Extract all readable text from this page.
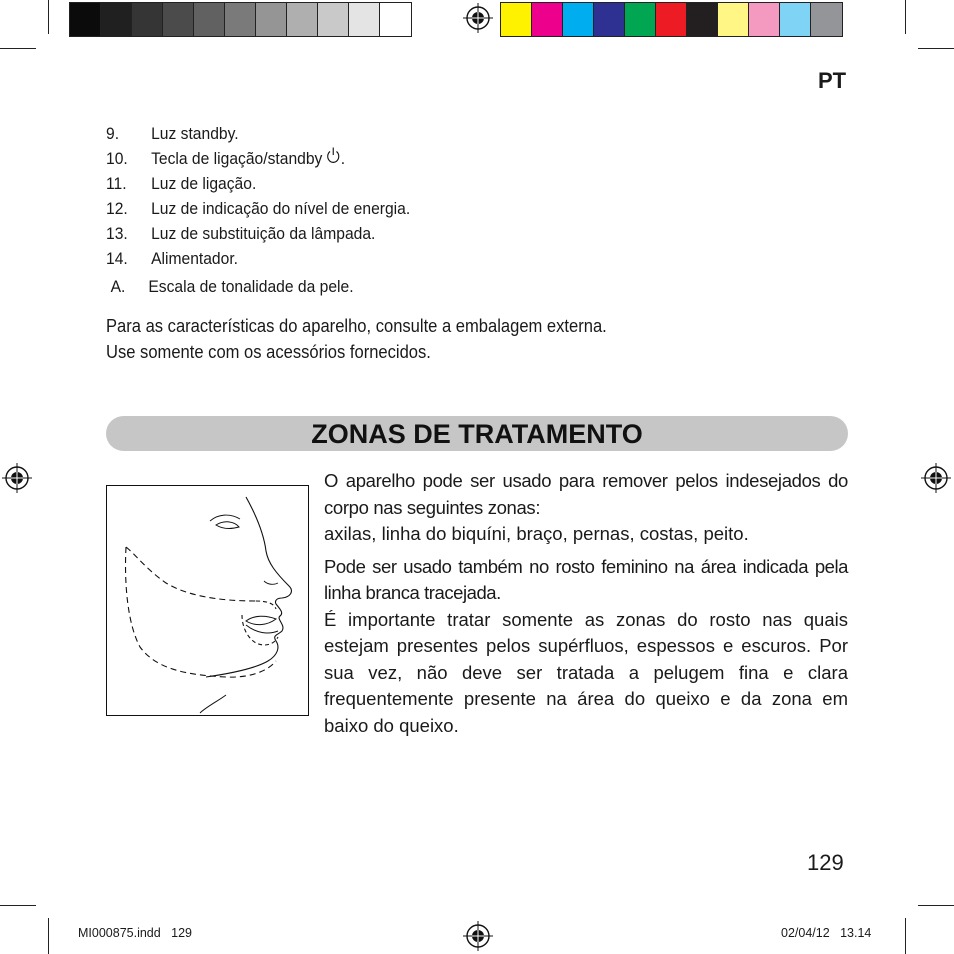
PT
9.	Luz standby.
10.	Tecla de ligação/standby .
11.	Luz de ligação.
12.	Luz de indicação do nível de energia.
13.	Luz de substituição da lâmpada.
14.	Alimentador.
A.	Escala de tonalidade da pele.
Para as características do aparelho, consulte a embalagem externa.
Use somente com os acessórios fornecidos.
ZONAS DE TRATAMENTO

O aparelho pode ser usado para remover pelos indesejados do corpo nas seguintes zonas:

axilas, linha do biquíni, braço, pernas, costas, peito.

Pode ser usado também no rosto feminino na área indicada pela linha branca tracejada.

É importante tratar somente as zonas do rosto nas quais estejam presentes pelos supérfluos, espessos e escuros. Por sua vez, não deve ser tratada a pelugem fina e clara frequentemente presente na área do queixo e da zona em baixo do queixo.

129
MI000875.indd   129	02/04/12   13.14
